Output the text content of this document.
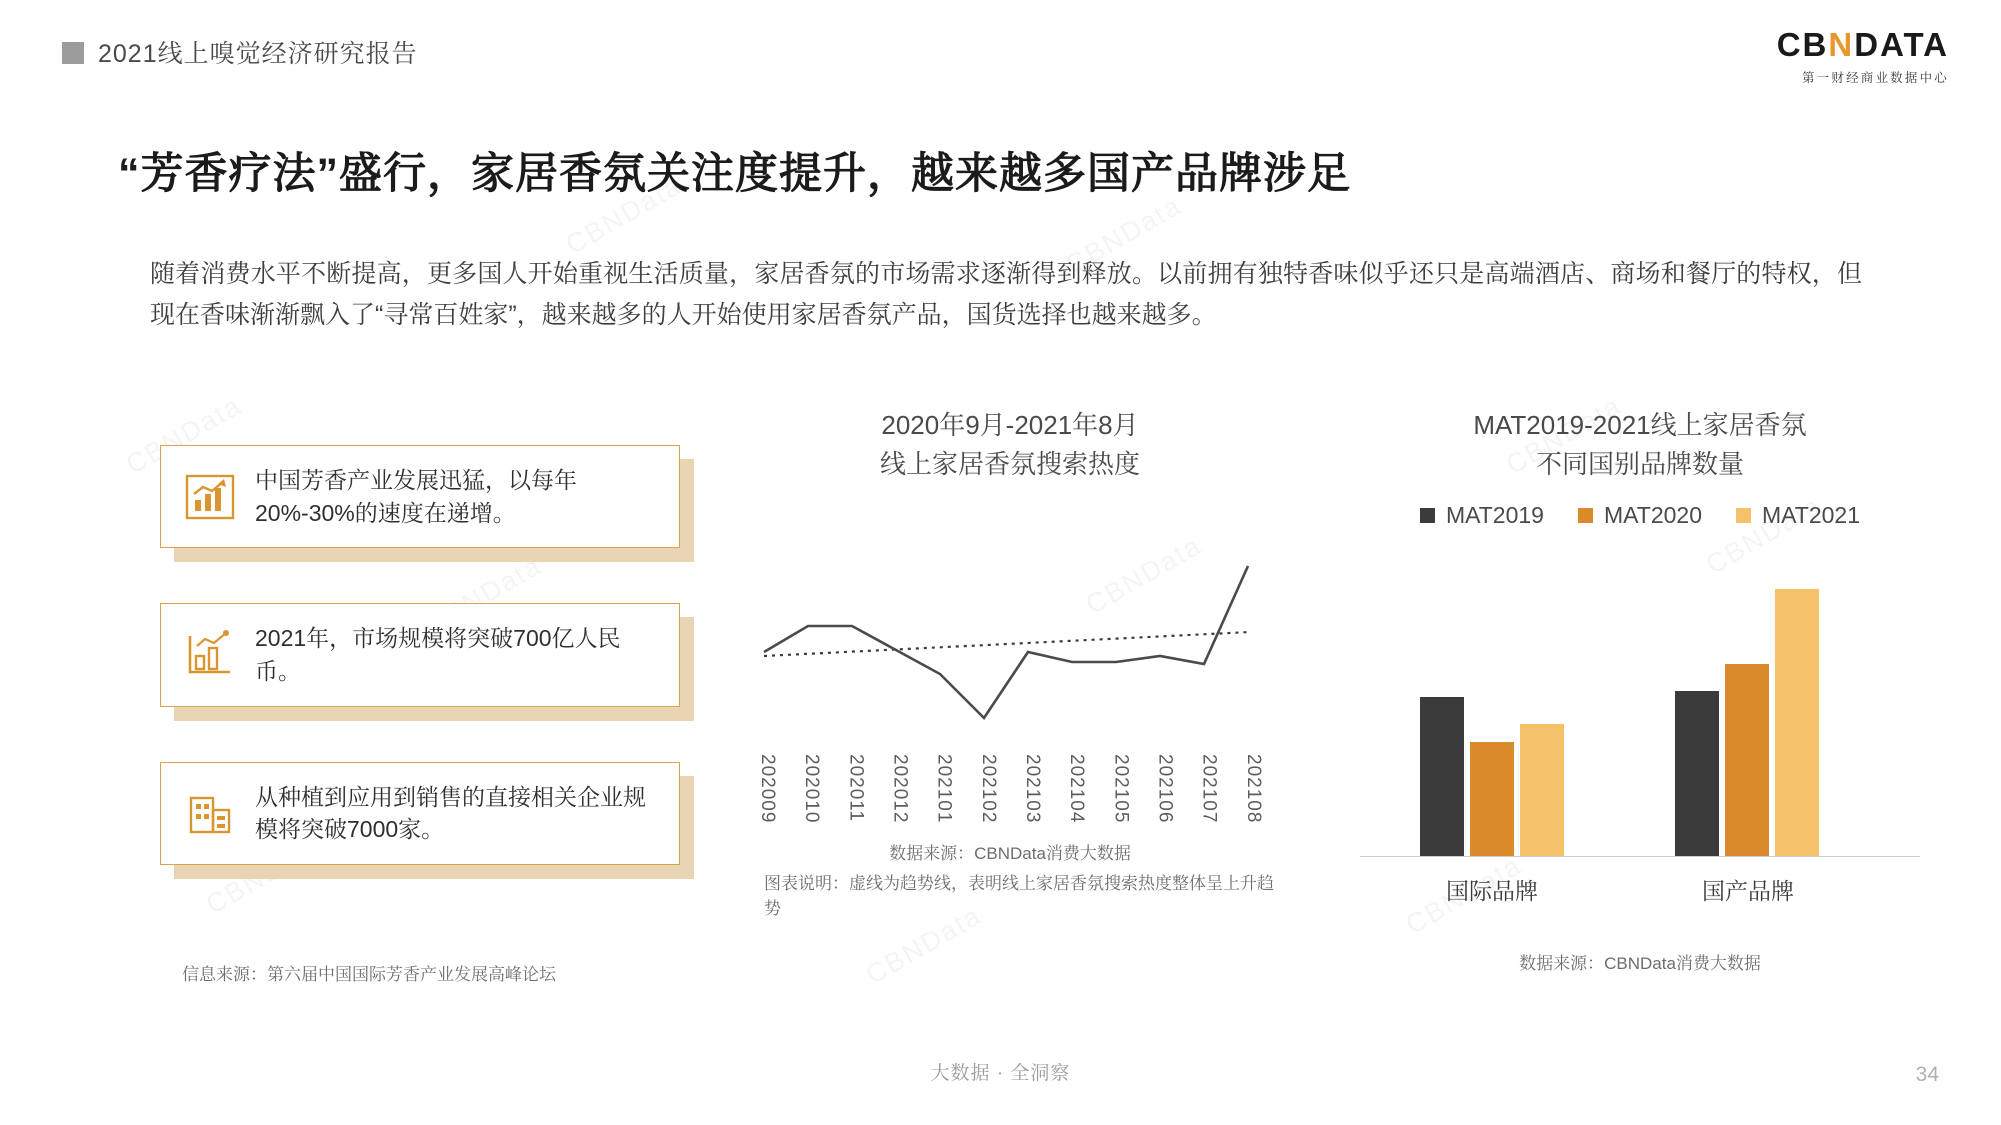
2021线上嗅觉经济研究报告	CBNDATA
第一财经商业数据中心
“芳香疗法”盛行，家居香氛关注度提升，越来越多国产品牌涉足
随着消费水平不断提高，更多国人开始重视生活质量，家居香氛的市场需求逐渐得到释放。以前拥有独特香味似乎还只是高端酒店、商场和餐厅的特权，但现在香味渐渐飘入了“寻常百姓家”，越来越多的人开始使用家居香氛产品，国货选择也越来越多。
中国芳香产业发展迅猛，以每年20%-30%的速度在递增。
2021年，市场规模将突破700亿人民币。
从种植到应用到销售的直接相关企业规模将突破7000家。
信息来源：第六届中国国际芳香产业发展高峰论坛
2020年9月-2021年8月
线上家居香氛搜索热度
202009 202010 202011 202012 202101 202102 202103 202104 202105 202106 202107 202108
数据来源：CBNData消费大数据
图表说明：虚线为趋势线，表明线上家居香氛搜索热度整体呈上升趋势
MAT2019-2021线上家居香氛
不同国别品牌数量
MAT2019	MAT2020	MAT2021
国际品牌	国产品牌
数据来源：CBNData消费大数据
大数据 · 全洞察	34
